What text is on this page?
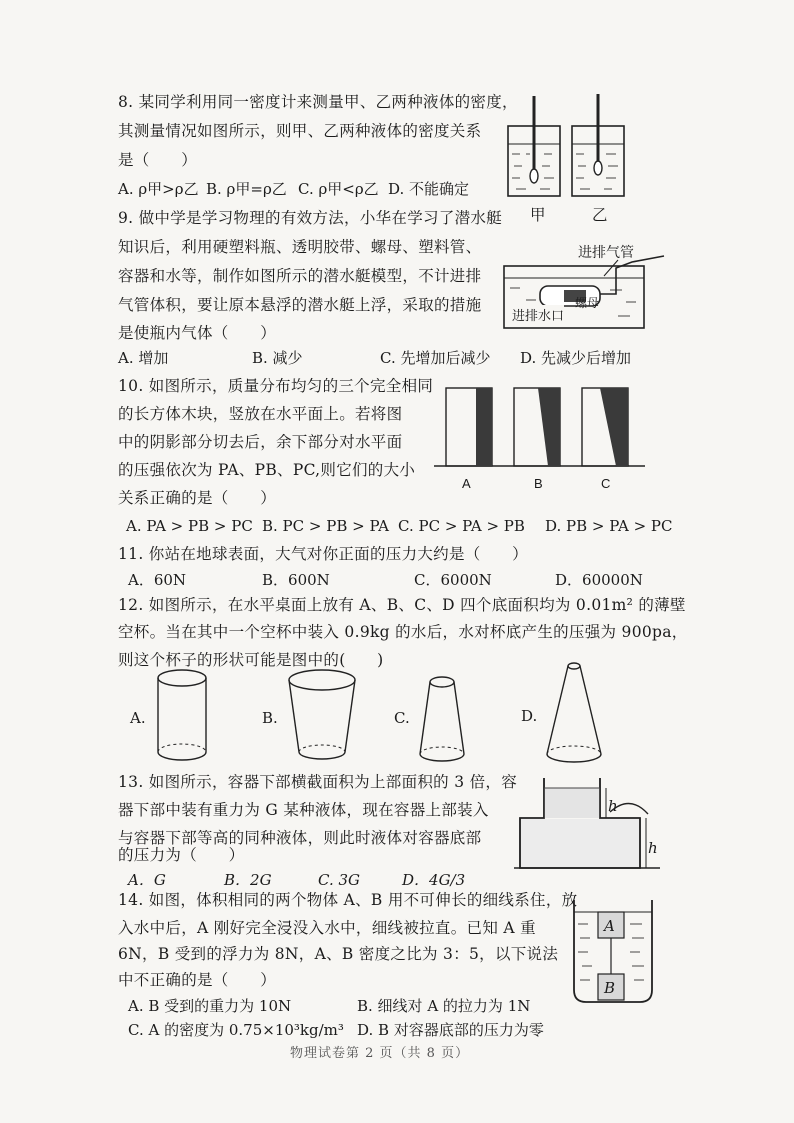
8. 某同学利用同一密度计来测量甲、乙两种液体的密度，
其测量情况如图所示，则甲、乙两种液体的密度关系
是（　　）
A. ρ甲>ρ乙 B. ρ甲=ρ乙 C. ρ甲<ρ乙 D. 不能确定
甲	乙
9. 做中学是学习物理的有效方法，小华在学习了潜水艇
知识后，利用硬塑料瓶、透明胶带、螺母、塑料管、
容器和水等，制作如图所示的潜水艇模型，不计进排
气管体积，要让原本悬浮的潜水艇上浮，采取的措施
是使瓶内气体（　　）
A. 增加	B. 减少	C. 先增加后减少 D. 先减少后增加
进排气管
进排水口
螺母
10. 如图所示，质量分布均匀的三个完全相同
的长方体木块，竖放在水平面上。若将图
中的阴影部分切去后，余下部分对水平面
的压强依次为 PA、PB、PC,则它们的大小
关系正确的是（　　）
A. PA > PB > PC B. PC > PB > PA C. PC > PA > PB D. PB > PA > PC
A	B	C
11. 你站在地球表面，大气对你正面的压力大约是（　　）
A．60N	B．600N	C．6000N	D．60000N
12. 如图所示，在水平桌面上放有 A、B、C、D 四个底面积均为 0.01m² 的薄壁
空杯。当在其中一个空杯中装入 0.9kg 的水后，水对杯底产生的压强为 900pa，
则这个杯子的形状可能是图中的(　　)
A.	B.	C.	D.
13. 如图所示，容器下部横截面积为上部面积的 3 倍，容
器下部中装有重力为 G 某种液体，现在容器上部装入
与容器下部等高的同种液体，则此时液体对容器底部
的压力为（　　）
A．G	B．2G	C. 3G	D．4G/3
h
h
14. 如图，体积相同的两个物体 A、B 用不可伸长的细线系住，放
入水中后，A 刚好完全浸没入水中，细线被拉直。已知 A 重
6N，B 受到的浮力为 8N，A、B 密度之比为 3：5，以下说法
中不正确的是（　　）
A. B 受到的重力为 10N	B. 细线对 A 的拉力为 1N
C. A 的密度为 0.75×10³kg/m³ D. B 对容器底部的压力为零
A
B
物理试卷第 2 页（共 8 页）
